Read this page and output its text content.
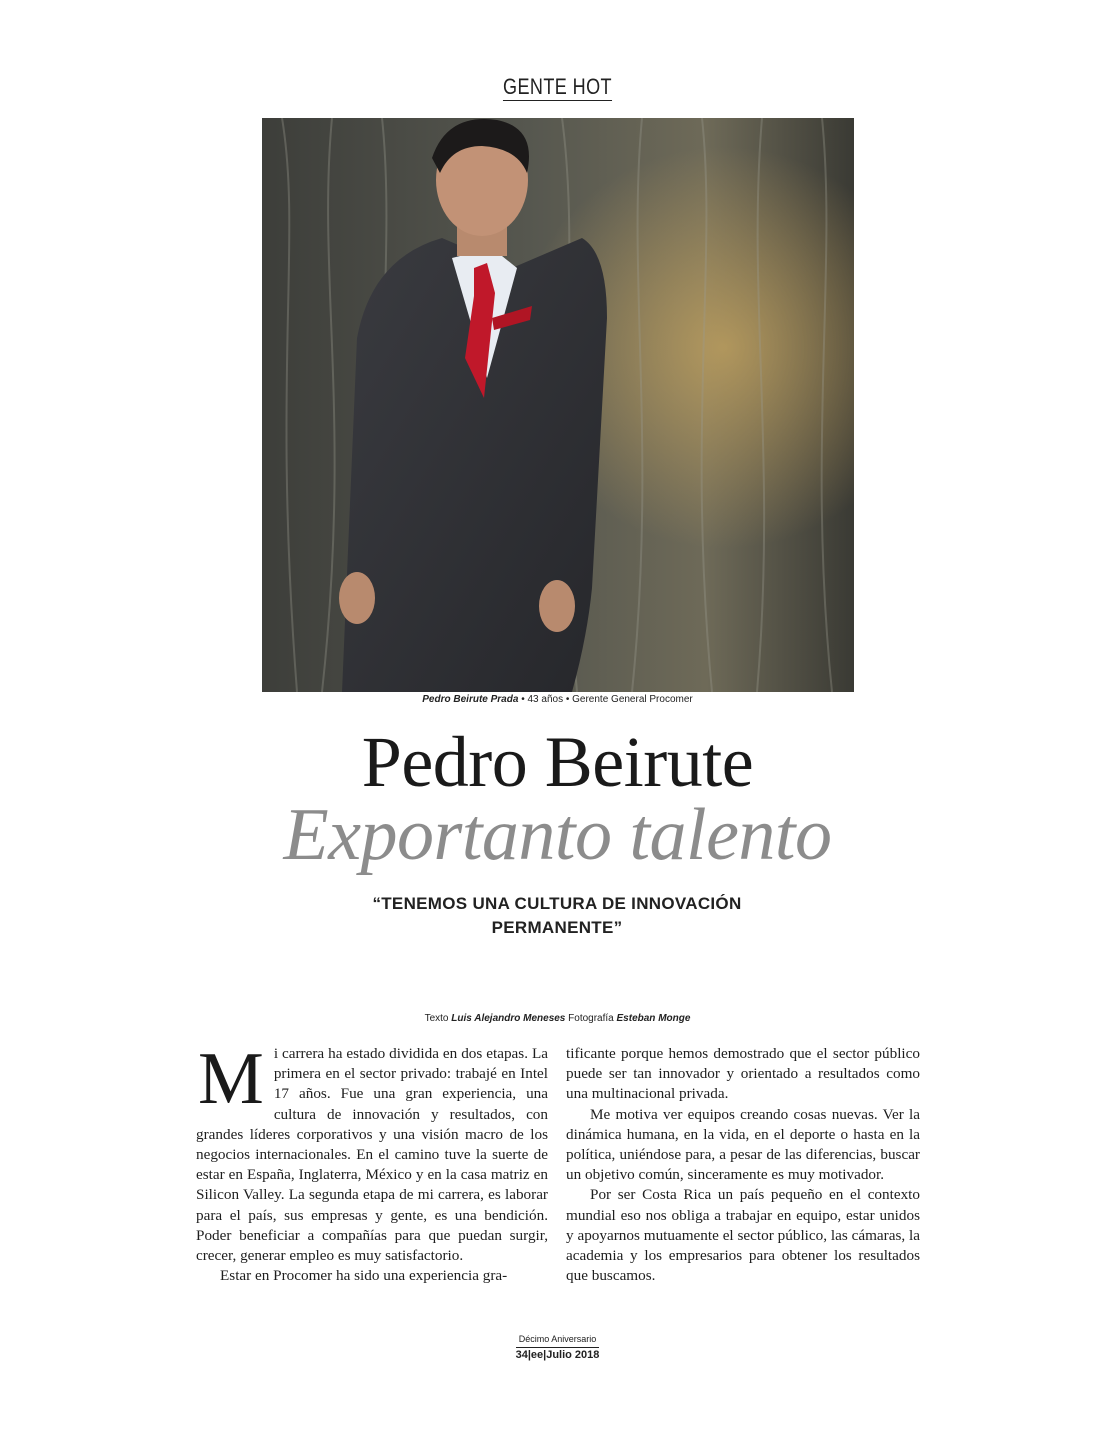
GENTE HOT
Pedro Beirute Prada • 43 años • Gerente General Procomer
Pedro Beirute
Exportanto talento
“TENEMOS UNA CULTURA DE INNOVACIÓN
PERMANENTE”
Texto Luis Alejandro Meneses Fotografía Esteban Monge

Mi carrera ha estado dividida en dos etapas. La primera en el sector privado: trabajé en Intel 17 años. Fue una gran experiencia, una cultura de innovación y resultados, con grandes líderes corporativos y una visión macro de los negocios internacionales. En el camino tuve la suerte de estar en España, Inglaterra, México y en la casa matriz en Silicon Valley. La segunda etapa de mi carrera, es laborar para el país, sus empresas y gente, es una bendición. Poder beneficiar a compañías para que puedan surgir, crecer, generar empleo es muy satisfactorio.

Estar en Procomer ha sido una experiencia gra-

tificante porque hemos demostrado que el sector público puede ser tan innovador y orientado a resultados como una multinacional privada.

Me motiva ver equipos creando cosas nuevas. Ver la dinámica humana, en la vida, en el deporte o hasta en la política, uniéndose para, a pesar de las diferencias, buscar un objetivo común, sinceramente es muy motivador.

Por ser Costa Rica un país pequeño en el contexto mundial eso nos obliga a trabajar en equipo, estar unidos y apoyarnos mutuamente el sector público, las cámaras, la academia y los empresarios para obtener los resultados que buscamos.

Décimo Aniversario
34|ee|Julio 2018
